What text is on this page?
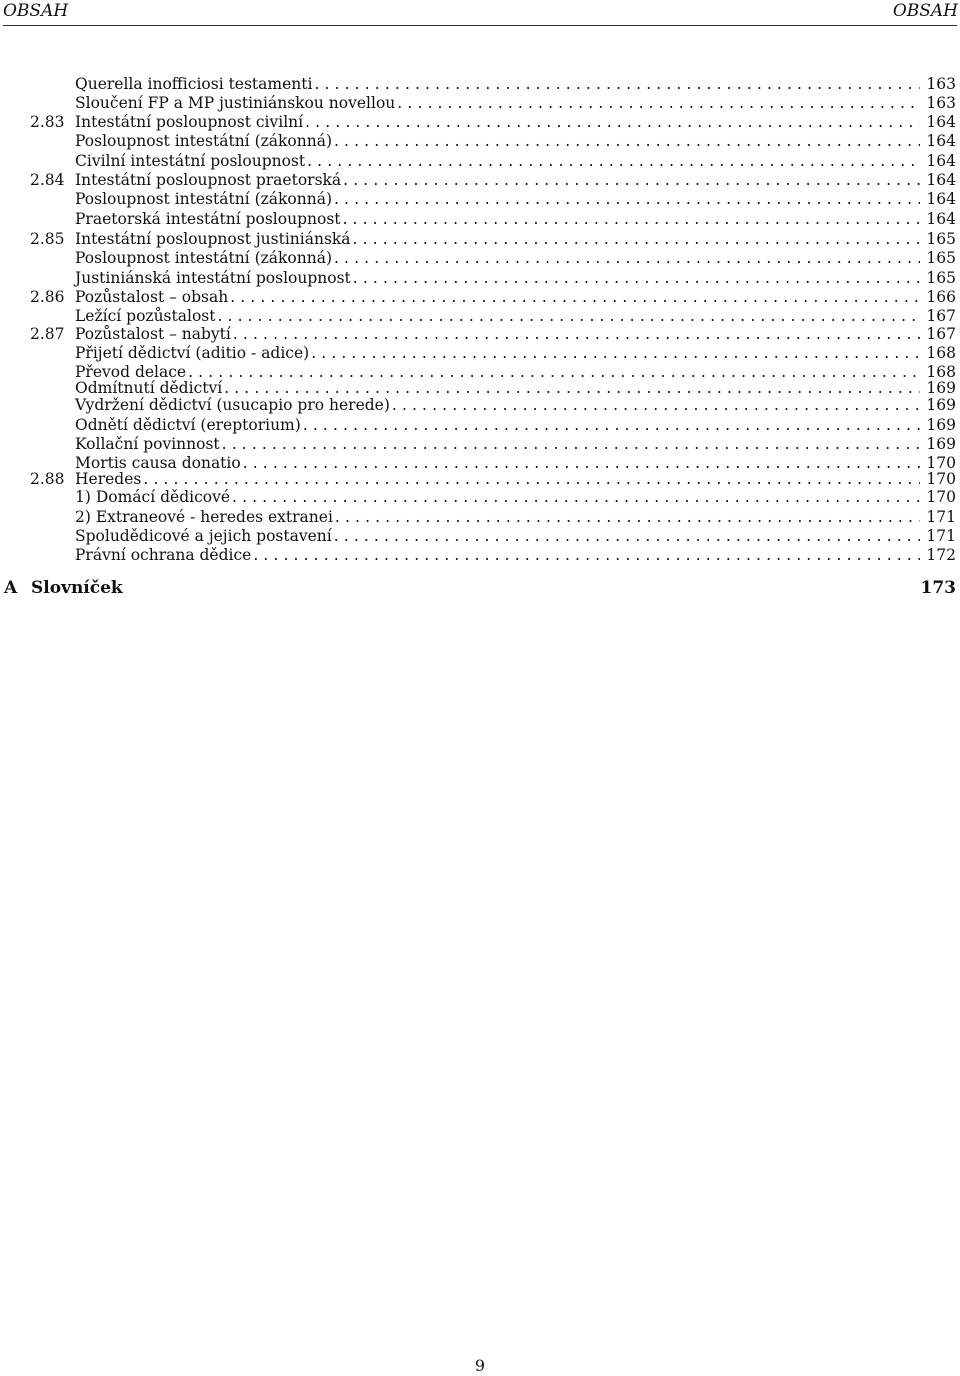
OBSAH	OBSAH
Querella inofficiosi testamenti . . .	163
Sloučení FP a MP justiniánskou novellou . . .	163
2.83 Intestátní posloupnost civilní . . .	164
Posloupnost intestátní (zákonná) . . .	164
Civilní intestátní posloupnost . . .	164
2.84 Intestátní posloupnost praetorská . . .	164
Posloupnost intestátní (zákonná) . . .	164
Praetorská intestátní posloupnost . . .	164
2.85 Intestátní posloupnost justiniánská . . .	165
Posloupnost intestátní (zákonná) . . .	165
Justiniánská intestátní posloupnost . . .	165
2.86 Pozůstalost – obsah . . .	166
Ležící pozůstalost . . .	167
2.87 Pozůstalost – nabytí . . .	167
Přijetí dědictví (aditio - adice) . . .	168
Převod delace . . .	168
Odmítnutí dědictví . . .	169
Vydržení dědictví (usucapio pro herede) . . .	169
Odnětí dědictví (ereptorium) . . .	169
Kollační povinnost . . .	169
Mortis causa donatio . . .	170
2.88 Heredes . . .	170
1) Domácí dědicové . . .	170
2) Extraneové - heredes extranei . . .	171
Spoludědicové a jejich postavení . . .	171
Právní ochrana dědice . . .	172
A Slovníček	173
9
